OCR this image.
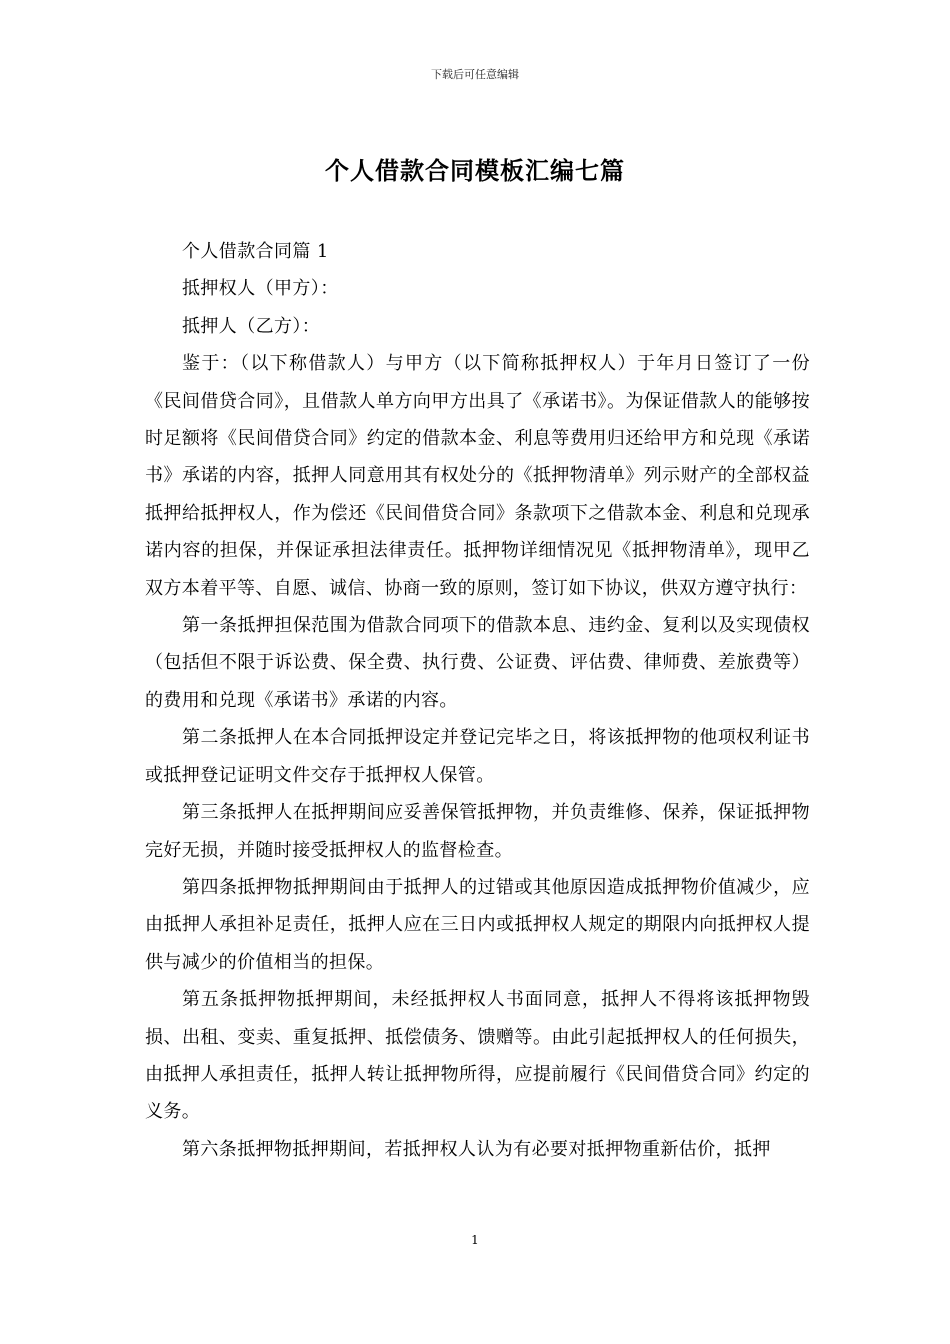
下载后可任意编辑
个人借款合同模板汇编七篇

个人借款合同篇 1

抵押权人（甲方）：

抵押人（乙方）：

鉴于：（以下称借款人）与甲方（以下简称抵押权人）于年月日签订了一份《民间借贷合同》，且借款人单方向甲方出具了《承诺书》。为保证借款人的能够按时足额将《民间借贷合同》约定的借款本金、利息等费用归还给甲方和兑现《承诺书》承诺的内容，抵押人同意用其有权处分的《抵押物清单》列示财产的全部权益抵押给抵押权人，作为偿还《民间借贷合同》条款项下之借款本金、利息和兑现承诺内容的担保，并保证承担法律责任。抵押物详细情况见《抵押物清单》，现甲乙双方本着平等、自愿、诚信、协商一致的原则，签订如下协议，供双方遵守执行：

第一条抵押担保范围为借款合同项下的借款本息、违约金、复利以及实现债权（包括但不限于诉讼费、保全费、执行费、公证费、评估费、律师费、差旅费等）的费用和兑现《承诺书》承诺的内容。

第二条抵押人在本合同抵押设定并登记完毕之日，将该抵押物的他项权利证书或抵押登记证明文件交存于抵押权人保管。

第三条抵押人在抵押期间应妥善保管抵押物，并负责维修、保养，保证抵押物完好无损，并随时接受抵押权人的监督检查。

第四条抵押物抵押期间由于抵押人的过错或其他原因造成抵押物价值减少，应由抵押人承担补足责任，抵押人应在三日内或抵押权人规定的期限内向抵押权人提供与减少的价值相当的担保。

第五条抵押物抵押期间，未经抵押权人书面同意，抵押人不得将该抵押物毁损、出租、变卖、重复抵押、抵偿债务、馈赠等。由此引起抵押权人的任何损失，由抵押人承担责任，抵押人转让抵押物所得，应提前履行《民间借贷合同》约定的义务。

第六条抵押物抵押期间，若抵押权人认为有必要对抵押物重新估价，抵押

1
